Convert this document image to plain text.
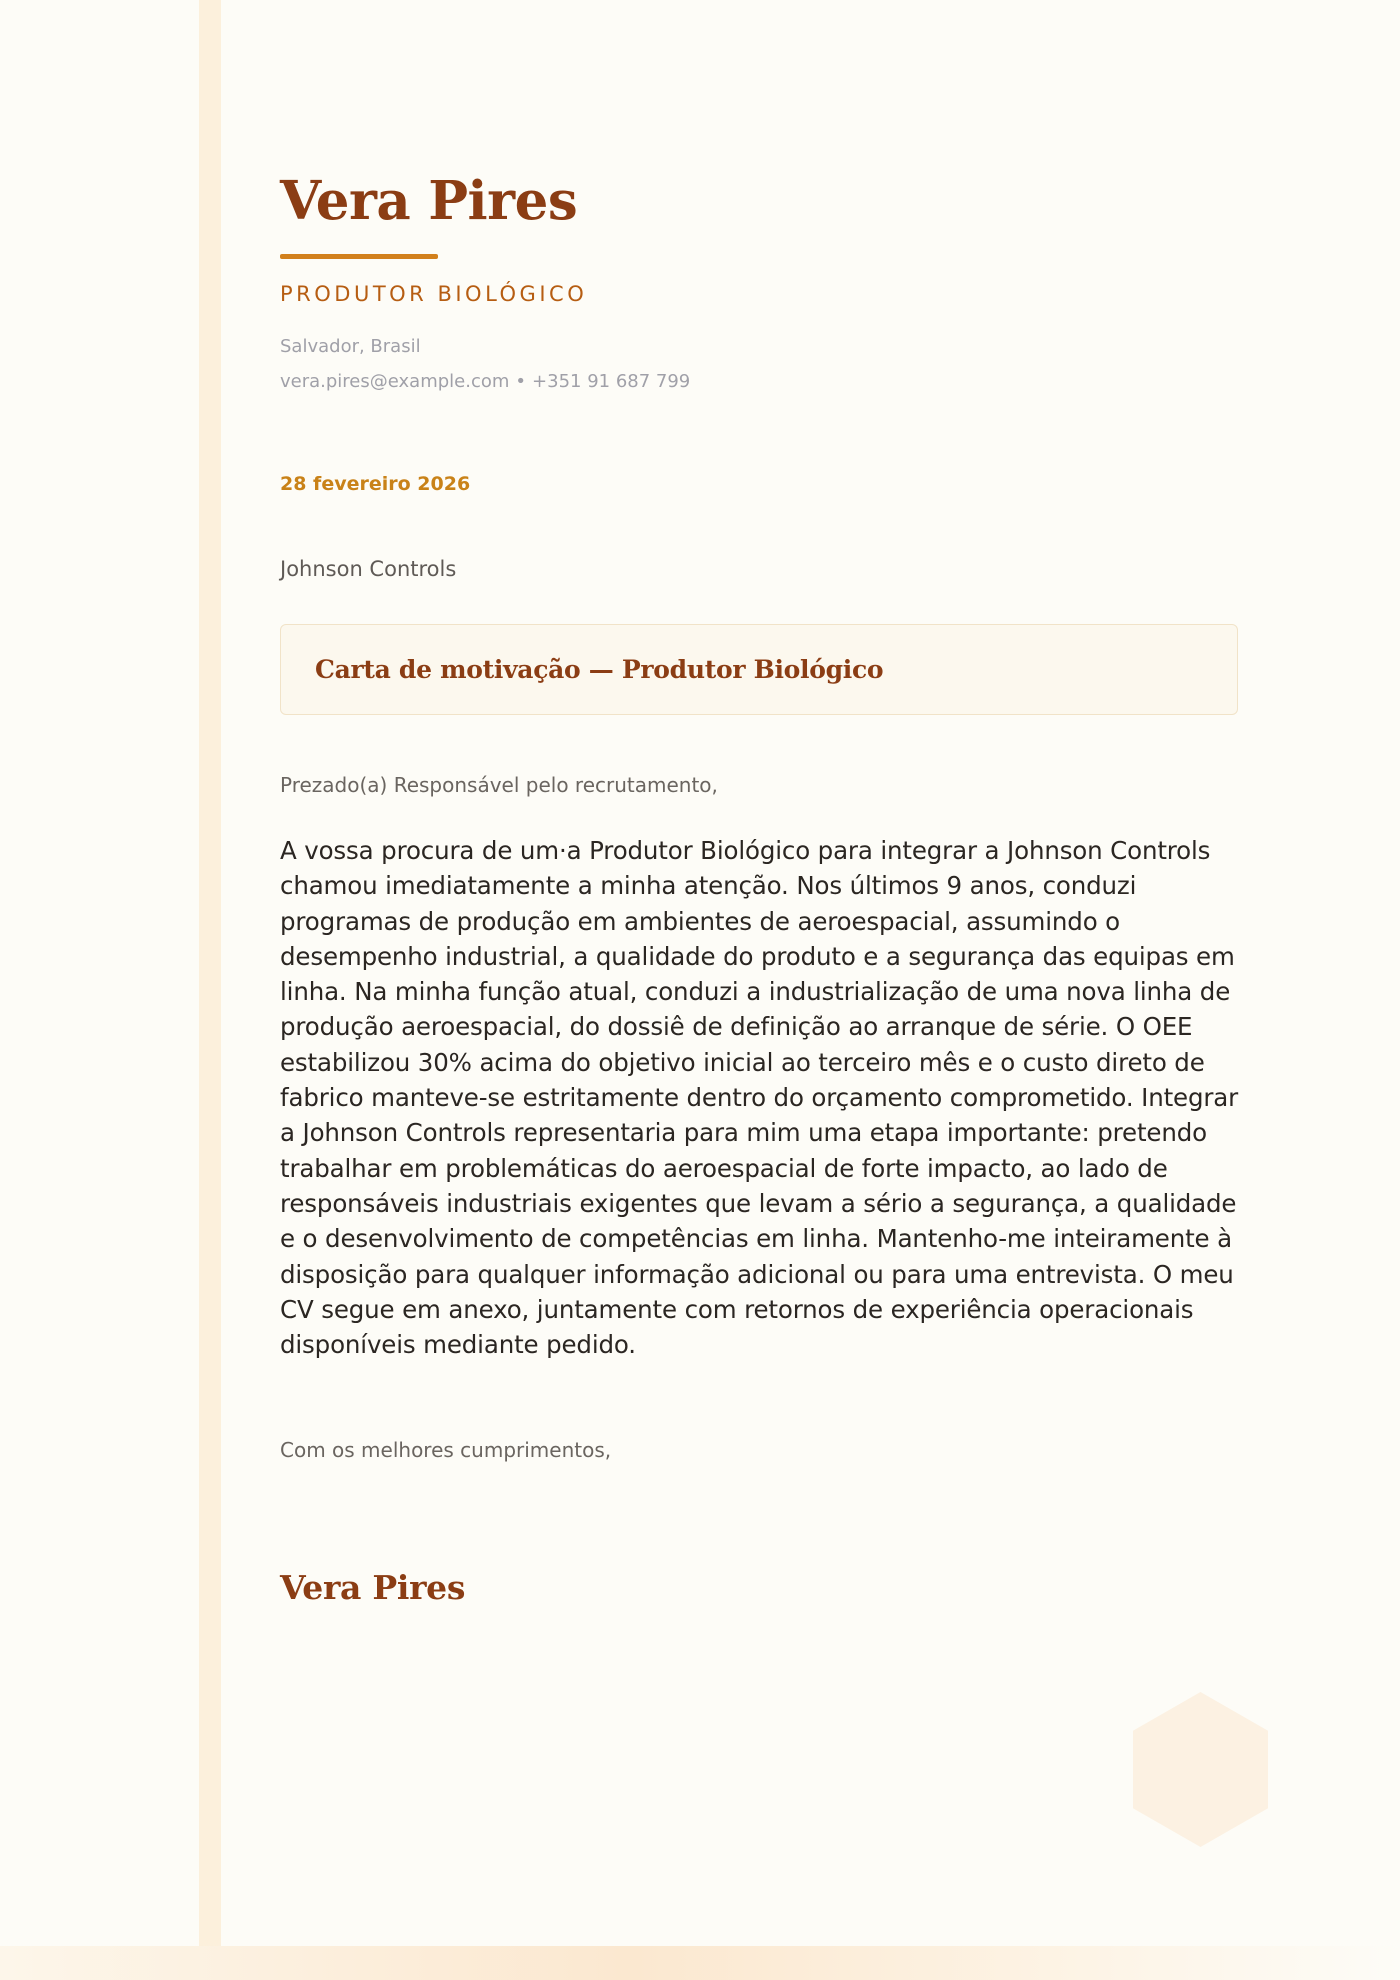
Vera Pires
PRODUTOR BIOLÓGICO
Salvador, Brasil
vera.pires@example.com • +351 91 687 799
28 fevereiro 2026
Johnson Controls
Carta de motivação — Produtor Biológico
Prezado(a) Responsável pelo recrutamento,
A vossa procura de um·a Produtor Biológico para integrar a Johnson Controls chamou imediatamente a minha atenção. Nos últimos 9 anos, conduzi programas de produção em ambientes de aeroespacial, assumindo o desempenho industrial, a qualidade do produto e a segurança das equipas em linha. Na minha função atual, conduzi a industrialização de uma nova linha de produção aeroespacial, do dossiê de definição ao arranque de série. O OEE estabilizou 30% acima do objetivo inicial ao terceiro mês e o custo direto de fabrico manteve-se estritamente dentro do orçamento comprometido. Integrar a Johnson Controls representaria para mim uma etapa importante: pretendo trabalhar em problemáticas do aeroespacial de forte impacto, ao lado de responsáveis industriais exigentes que levam a sério a segurança, a qualidade e o desenvolvimento de competências em linha. Mantenho-me inteiramente à disposição para qualquer informação adicional ou para uma entrevista. O meu CV segue em anexo, juntamente com retornos de experiência operacionais disponíveis mediante pedido.
Com os melhores cumprimentos,
Vera Pires
